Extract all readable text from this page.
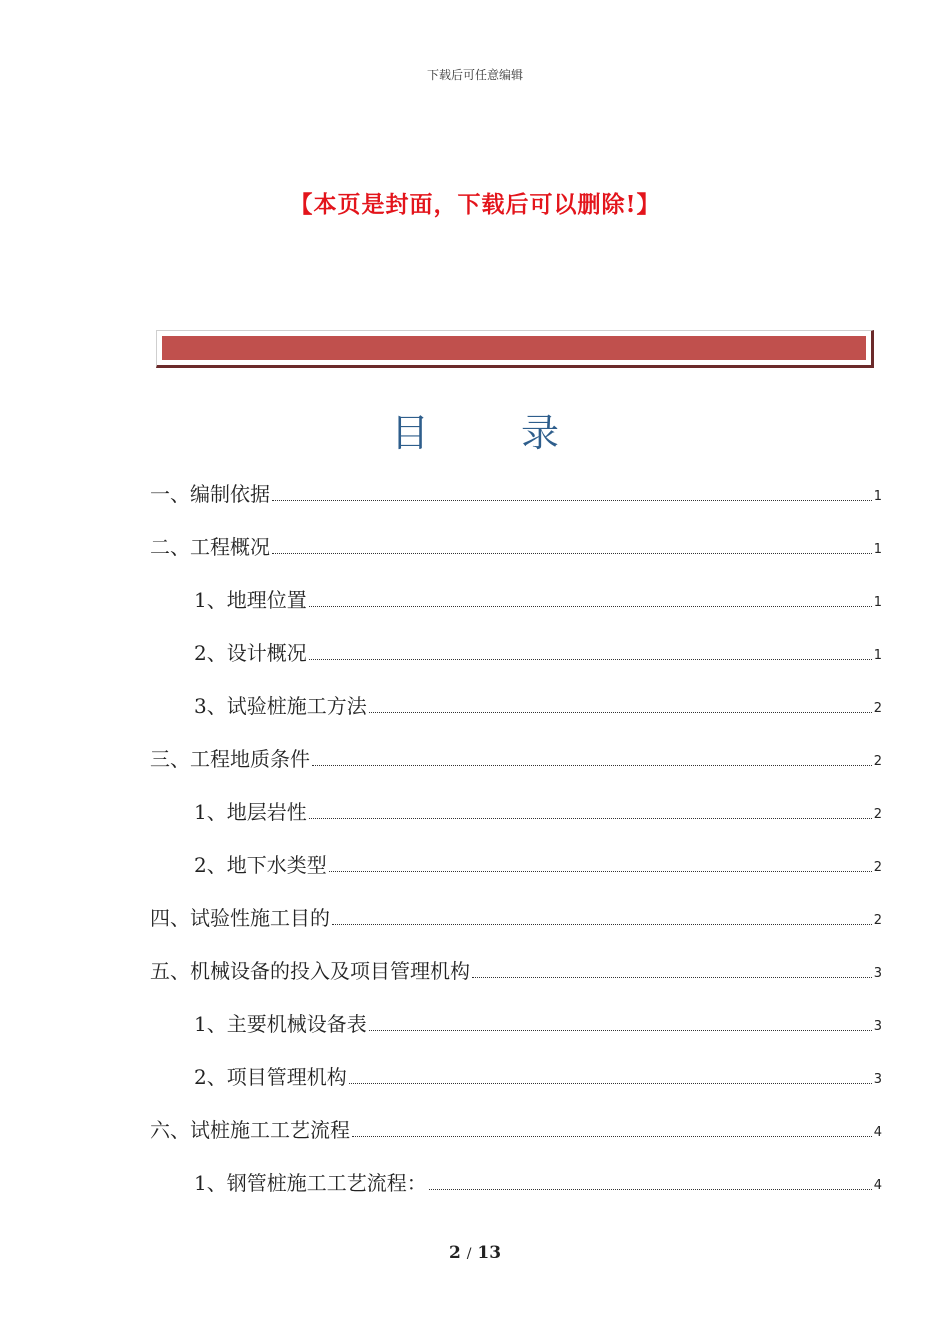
下载后可任意编辑
【本页是封面，下载后可以删除!】
目 录
一、编制依据	1
二、工程概况	1
1、地理位置	1
2、设计概况	1
3、试验桩施工方法	2
三、工程地质条件	2
1、地层岩性	2
2、地下水类型	2
四、试验性施工目的	2
五、机械设备的投入及项目管理机构	3
1、主要机械设备表	3
2、项目管理机构	3
六、试桩施工工艺流程	4
1、钢管桩施工工艺流程：	4
2 / 13
